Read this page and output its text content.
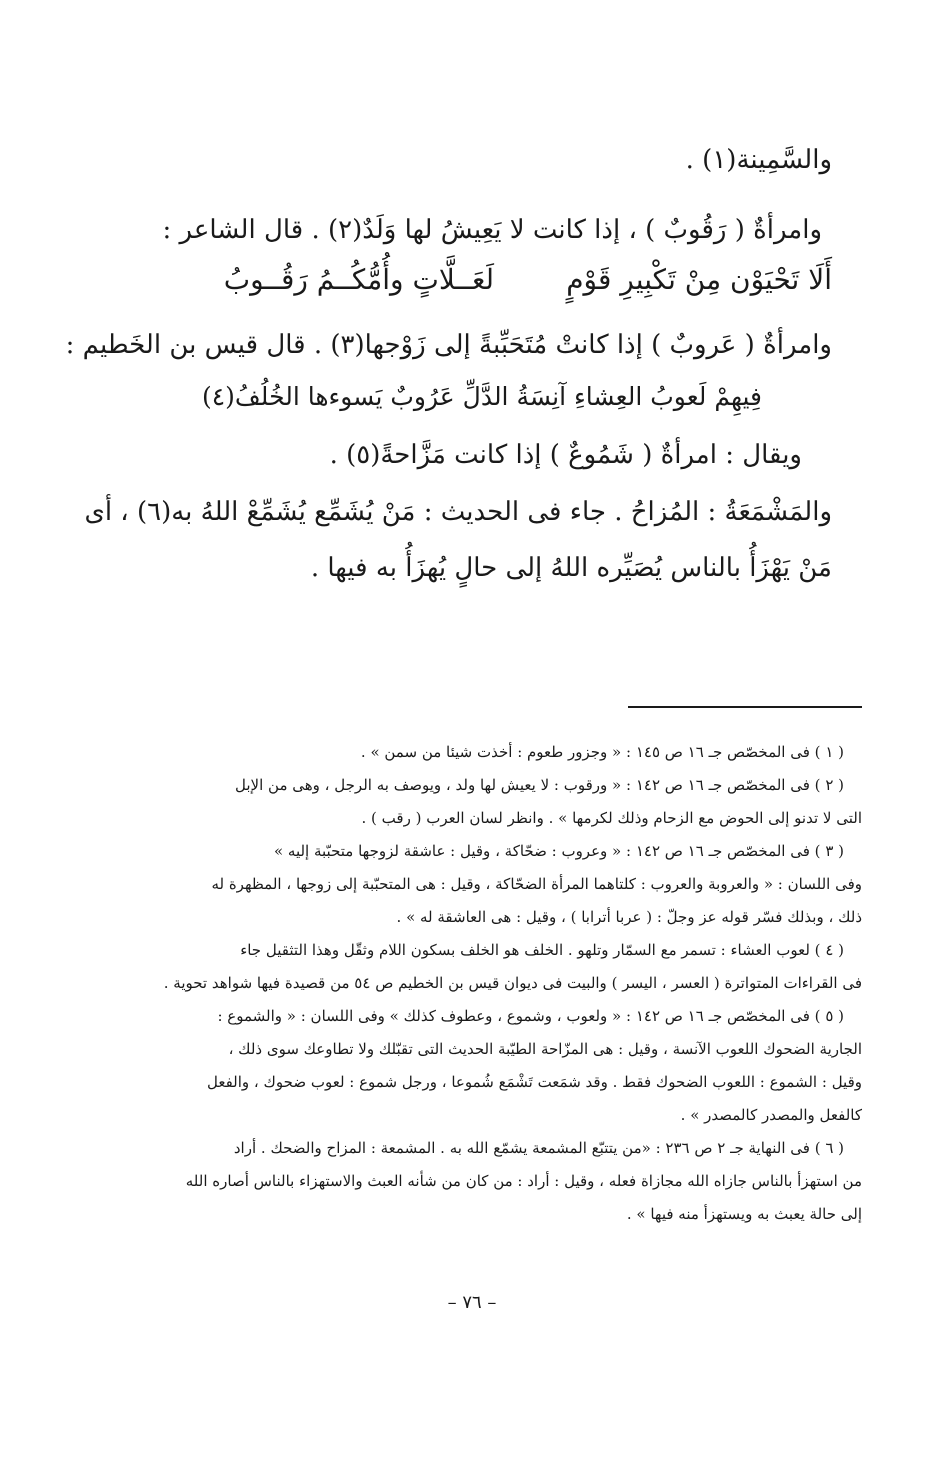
والسَّمِينة(١) .

وامرأةٌ ( رَقُوبٌ ) ، إذا كانت لا يَعِيشُ لها وَلَدٌ(٢) . قال الشاعر :

أَلَا تَحْيَوْن مِنْ تَكْبِيرِ قَوْمٍ
لَعَــلَّاتٍ وأُمُّكُــمُ رَقُــوبُ

وامرأةٌ ( عَروبٌ ) إذا كانتْ مُتَحَبِّبةً إلى زَوْجها(٣) . قال قيس بن الخَطيم :

فِيهِمْ لَعوبُ العِشاءِ آنِسَةُ الدَّلِّ عَرُوبٌ يَسوءها الخُلُفُ(٤)

ويقال : امرأةٌ ( شَمُوعٌ ) إذا كانت مَزَّاحةً(٥) .

والمَشْمَعَةُ : المُزاحُ . جاء فى الحديث : مَنْ يُشَمِّع يُشَمِّعْ اللهُ به(٦) ، أى

مَنْ يَهْزَأُ بالناس يُصَيِّره اللهُ إلى حالٍ يُهزَأُ به فيها .

( ١ ) فى المخصّص جـ ١٦ ص ١٤٥ : « وجزور طعوم : أخذت شيئا من سمن » .

( ٢ ) فى المخصّص جـ ١٦ ص ١٤٢ : « ورقوب : لا يعيش لها ولد ، ويوصف به الرجل ، وهى من الإبل

التى لا تدنو إلى الحوض مع الزحام وذلك لكرمها » . وانظر لسان العرب ( رقب ) .

( ٣ ) فى المخصّص جـ ١٦ ص ١٤٢ : « وعروب : ضحّاكة ، وقيل : عاشقة لزوجها متحبّبة إليه »

وفى اللسان : « والعروبة والعروب : كلتاهما المرأة الضحّاكة ، وقيل : هى المتحبّبة إلى زوجها ، المظهرة له

ذلك ، وبذلك فسّر قوله عز وجلّ : ( عربا أترابا ) ، وقيل : هى العاشقة له » .

( ٤ ) لعوب العشاء : تسمر مع السمّار وتلهو . الخلف هو الخلف بسكون اللام وثقّل وهذا التثقيل جاء

فى القراءات المتواترة ( العسر ، اليسر ) والبيت فى ديوان قيس بن الخطيم ص ٥٤ من قصيدة فيها شواهد تحوية .

( ٥ ) فى المخصّص جـ ١٦ ص ١٤٢ : « ولعوب ، وشموع ، وعطوف كذلك » وفى اللسان : « والشموع :

الجارية الضحوك اللعوب الآنسة ، وقيل : هى المزّاحة الطيّبة الحديث التى تقبّلك ولا تطاوعك سوى ذلك ،

وقيل : الشموع : اللعوب الضحوك فقط . وقد شمَعت تَشْمَع شُموعا ، ورجل شموع : لعوب ضحوك ، والفعل

كالفعل والمصدر كالمصدر » .

( ٦ ) فى النهاية جـ ٢ ص ٢٣٦ : «من يتتبّع المشمعة يشمّع الله به . المشمعة : المزاح والضحك . أراد

من استهزأ بالناس جازاه الله مجازاة فعله ، وقيل : أراد : من كان من شأنه العبث والاستهزاء بالناس أصاره الله

إلى حالة يعبث به ويستهزأ منه فيها » .

– ٧٦ –
